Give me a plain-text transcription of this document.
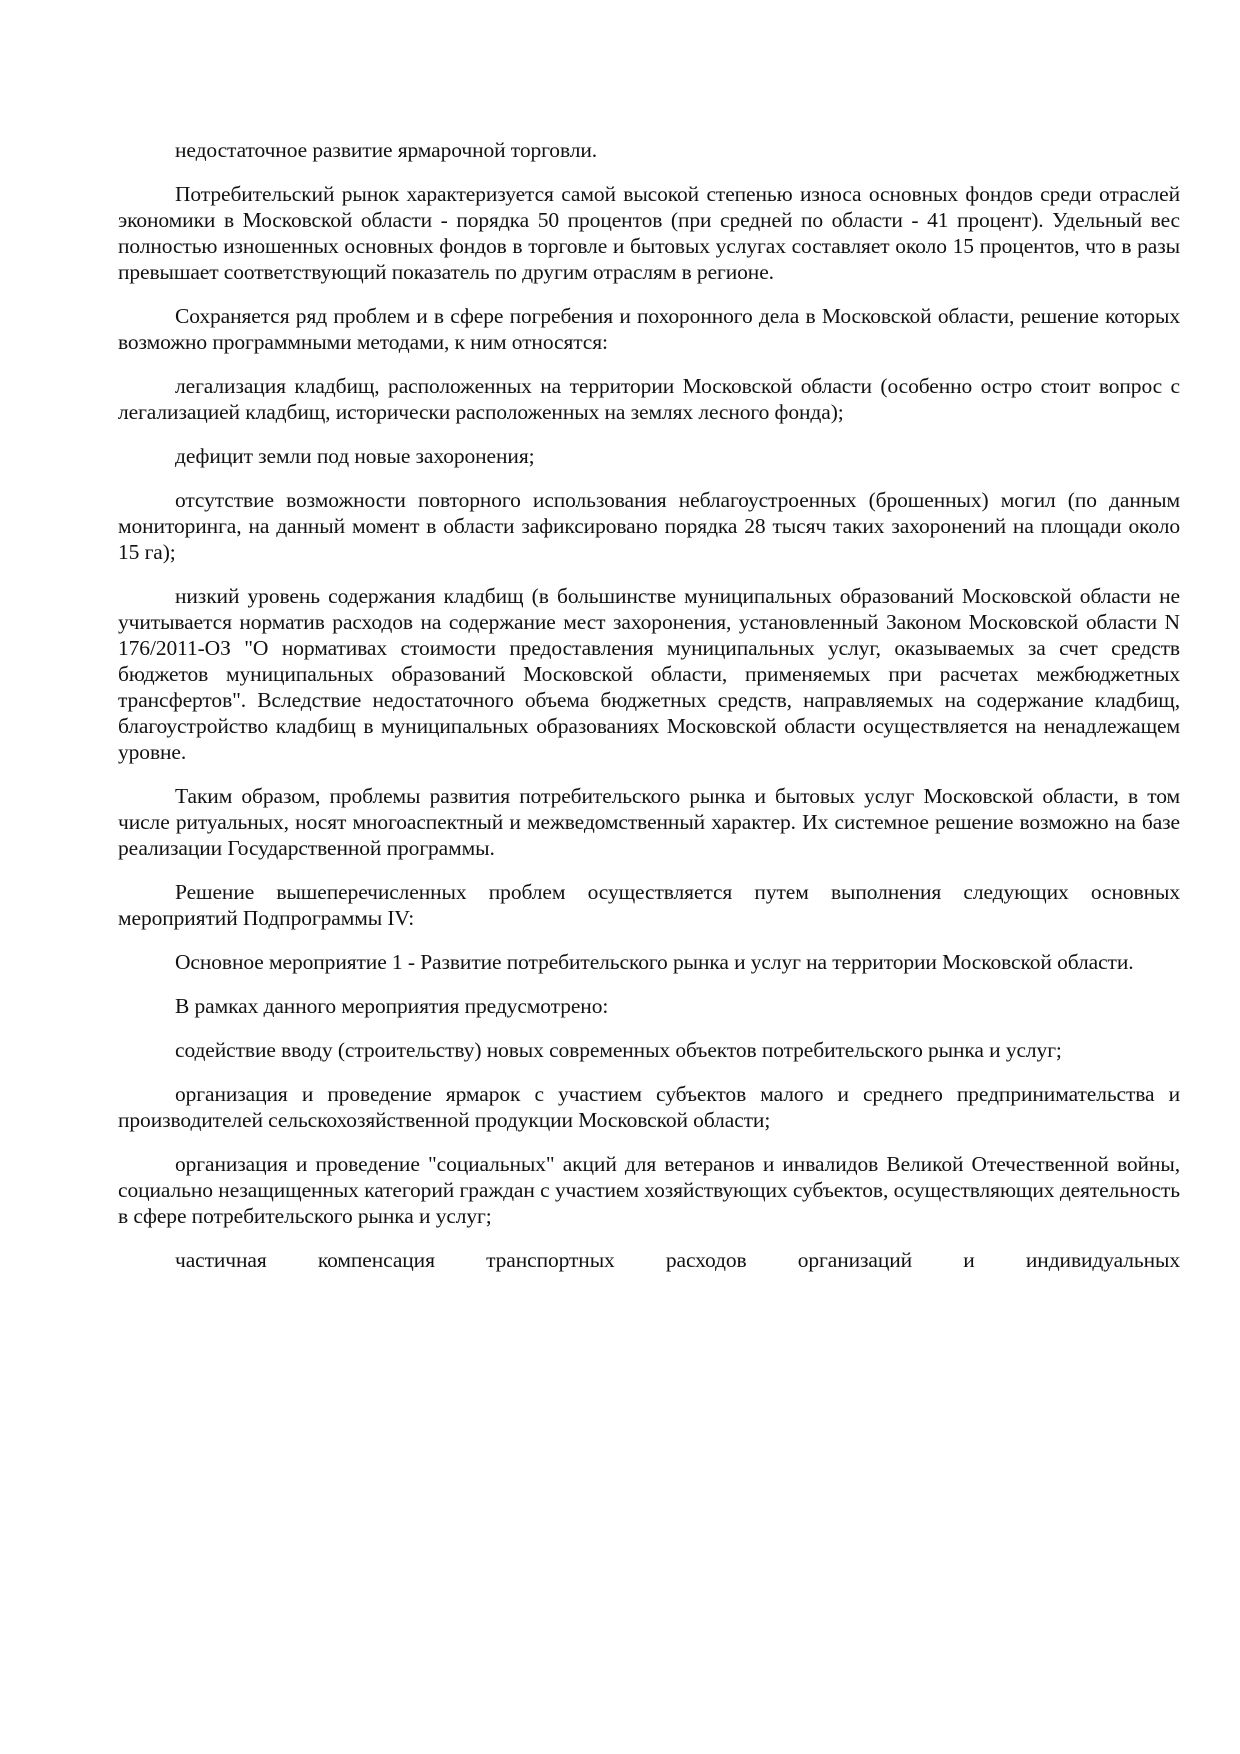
недостаточное развитие ярмарочной торговли.

Потребительский рынок характеризуется самой высокой степенью износа основных фондов среди отраслей экономики в Московской области - порядка 50 процентов (при средней по области - 41 процент). Удельный вес полностью изношенных основных фондов в торговле и бытовых услугах составляет около 15 процентов, что в разы превышает соответствующий показатель по другим отраслям в регионе.

Сохраняется ряд проблем и в сфере погребения и похоронного дела в Московской области, решение которых возможно программными методами, к ним относятся:

легализация кладбищ, расположенных на территории Московской области (особенно остро стоит вопрос с легализацией кладбищ, исторически расположенных на землях лесного фонда);

дефицит земли под новые захоронения;

отсутствие возможности повторного использования неблагоустроенных (брошенных) могил (по данным мониторинга, на данный момент в области зафиксировано порядка 28 тысяч таких захоронений на площади около 15 га);

низкий уровень содержания кладбищ (в большинстве муниципальных образований Московской области не учитывается норматив расходов на содержание мест захоронения, установленный Законом Московской области N 176/2011-ОЗ "О нормативах стоимости предоставления муниципальных услуг, оказываемых за счет средств бюджетов муниципальных образований Московской области, применяемых при расчетах межбюджетных трансфертов". Вследствие недостаточного объема бюджетных средств, направляемых на содержание кладбищ, благоустройство кладбищ в муниципальных образованиях Московской области осуществляется на ненадлежащем уровне.

Таким образом, проблемы развития потребительского рынка и бытовых услуг Московской области, в том числе ритуальных, носят многоаспектный и межведомственный характер. Их системное решение возможно на базе реализации Государственной программы.

Решение вышеперечисленных проблем осуществляется путем выполнения следующих основных мероприятий Подпрограммы IV:

Основное мероприятие 1 - Развитие потребительского рынка и услуг на территории Московской области.

В рамках данного мероприятия предусмотрено:

содействие вводу (строительству) новых современных объектов потребительского рынка и услуг;

организация и проведение ярмарок с участием субъектов малого и среднего предпринимательства и производителей сельскохозяйственной продукции Московской области;

организация и проведение "социальных" акций для ветеранов и инвалидов Великой Отечественной войны, социально незащищенных категорий граждан с участием хозяйствующих субъектов, осуществляющих деятельность в сфере потребительского рынка и услуг;

частичная компенсация транспортных расходов организаций и индивидуальных
